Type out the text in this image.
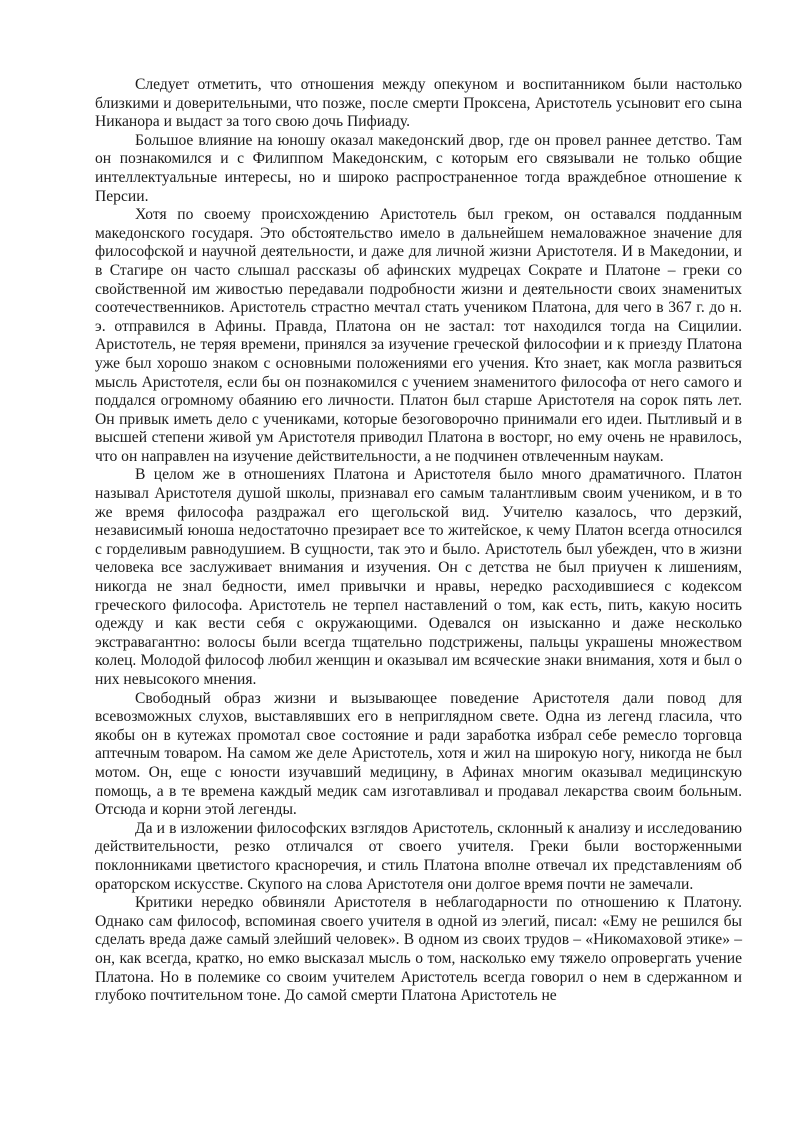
Следует отметить, что отношения между опекуном и воспитанником были настолько близкими и доверительными, что позже, после смерти Проксена, Аристотель усыновит его сына Никанора и выдаст за того свою дочь Пифиаду.

Большое влияние на юношу оказал македонский двор, где он провел раннее детство. Там он познакомился и с Филиппом Македонским, с которым его связывали не только общие интеллектуальные интересы, но и широко распространенное тогда враждебное отношение к Персии.

Хотя по своему происхождению Аристотель был греком, он оставался подданным македонского государя. Это обстоятельство имело в дальнейшем немаловажное значение для философской и научной деятельности, и даже для личной жизни Аристотеля. И в Македонии, и в Стагире он часто слышал рассказы об афинских мудрецах Сократе и Платоне – греки со свойственной им живостью передавали подробности жизни и деятельности своих знаменитых соотечественников. Аристотель страстно мечтал стать учеником Платона, для чего в 367 г. до н. э. отправился в Афины. Правда, Платона он не застал: тот находился тогда на Сицилии. Аристотель, не теряя времени, принялся за изучение греческой философии и к приезду Платона уже был хорошо знаком с основными положениями его учения. Кто знает, как могла развиться мысль Аристотеля, если бы он познакомился с учением знаменитого философа от него самого и поддался огромному обаянию его личности. Платон был старше Аристотеля на сорок пять лет. Он привык иметь дело с учениками, которые безоговорочно принимали его идеи. Пытливый и в высшей степени живой ум Аристотеля приводил Платона в восторг, но ему очень не нравилось, что он направлен на изучение действительности, а не подчинен отвлеченным наукам.

В целом же в отношениях Платона и Аристотеля было много драматичного. Платон называл Аристотеля душой школы, признавал его самым талантливым своим учеником, и в то же время философа раздражал его щегольской вид. Учителю казалось, что дерзкий, независимый юноша недостаточно презирает все то житейское, к чему Платон всегда относился с горделивым равнодушием. В сущности, так это и было. Аристотель был убежден, что в жизни человека все заслуживает внимания и изучения. Он с детства не был приучен к лишениям, никогда не знал бедности, имел привычки и нравы, нередко расходившиеся с кодексом греческого философа. Аристотель не терпел наставлений о том, как есть, пить, какую носить одежду и как вести себя с окружающими. Одевался он изысканно и даже несколько экстравагантно: волосы были всегда тщательно подстрижены, пальцы украшены множеством колец. Молодой философ любил женщин и оказывал им всяческие знаки внимания, хотя и был о них невысокого мнения.

Свободный образ жизни и вызывающее поведение Аристотеля дали повод для всевозможных слухов, выставлявших его в неприглядном свете. Одна из легенд гласила, что якобы он в кутежах промотал свое состояние и ради заработка избрал себе ремесло торговца аптечным товаром. На самом же деле Аристотель, хотя и жил на широкую ногу, никогда не был мотом. Он, еще с юности изучавший медицину, в Афинах многим оказывал медицинскую помощь, а в те времена каждый медик сам изготавливал и продавал лекарства своим больным. Отсюда и корни этой легенды.

Да и в изложении философских взглядов Аристотель, склонный к анализу и исследованию действительности, резко отличался от своего учителя. Греки были восторженными поклонниками цветистого красноречия, и стиль Платона вполне отвечал их представлениям об ораторском искусстве. Скупого на слова Аристотеля они долгое время почти не замечали.

Критики нередко обвиняли Аристотеля в неблагодарности по отношению к Платону. Однако сам философ, вспоминая своего учителя в одной из элегий, писал: «Ему не решился бы сделать вреда даже самый злейший человек». В одном из своих трудов – «Никомаховой этике» – он, как всегда, кратко, но емко высказал мысль о том, насколько ему тяжело опровергать учение Платона. Но в полемике со своим учителем Аристотель всегда говорил о нем в сдержанном и глубоко почтительном тоне. До самой смерти Платона Аристотель не
